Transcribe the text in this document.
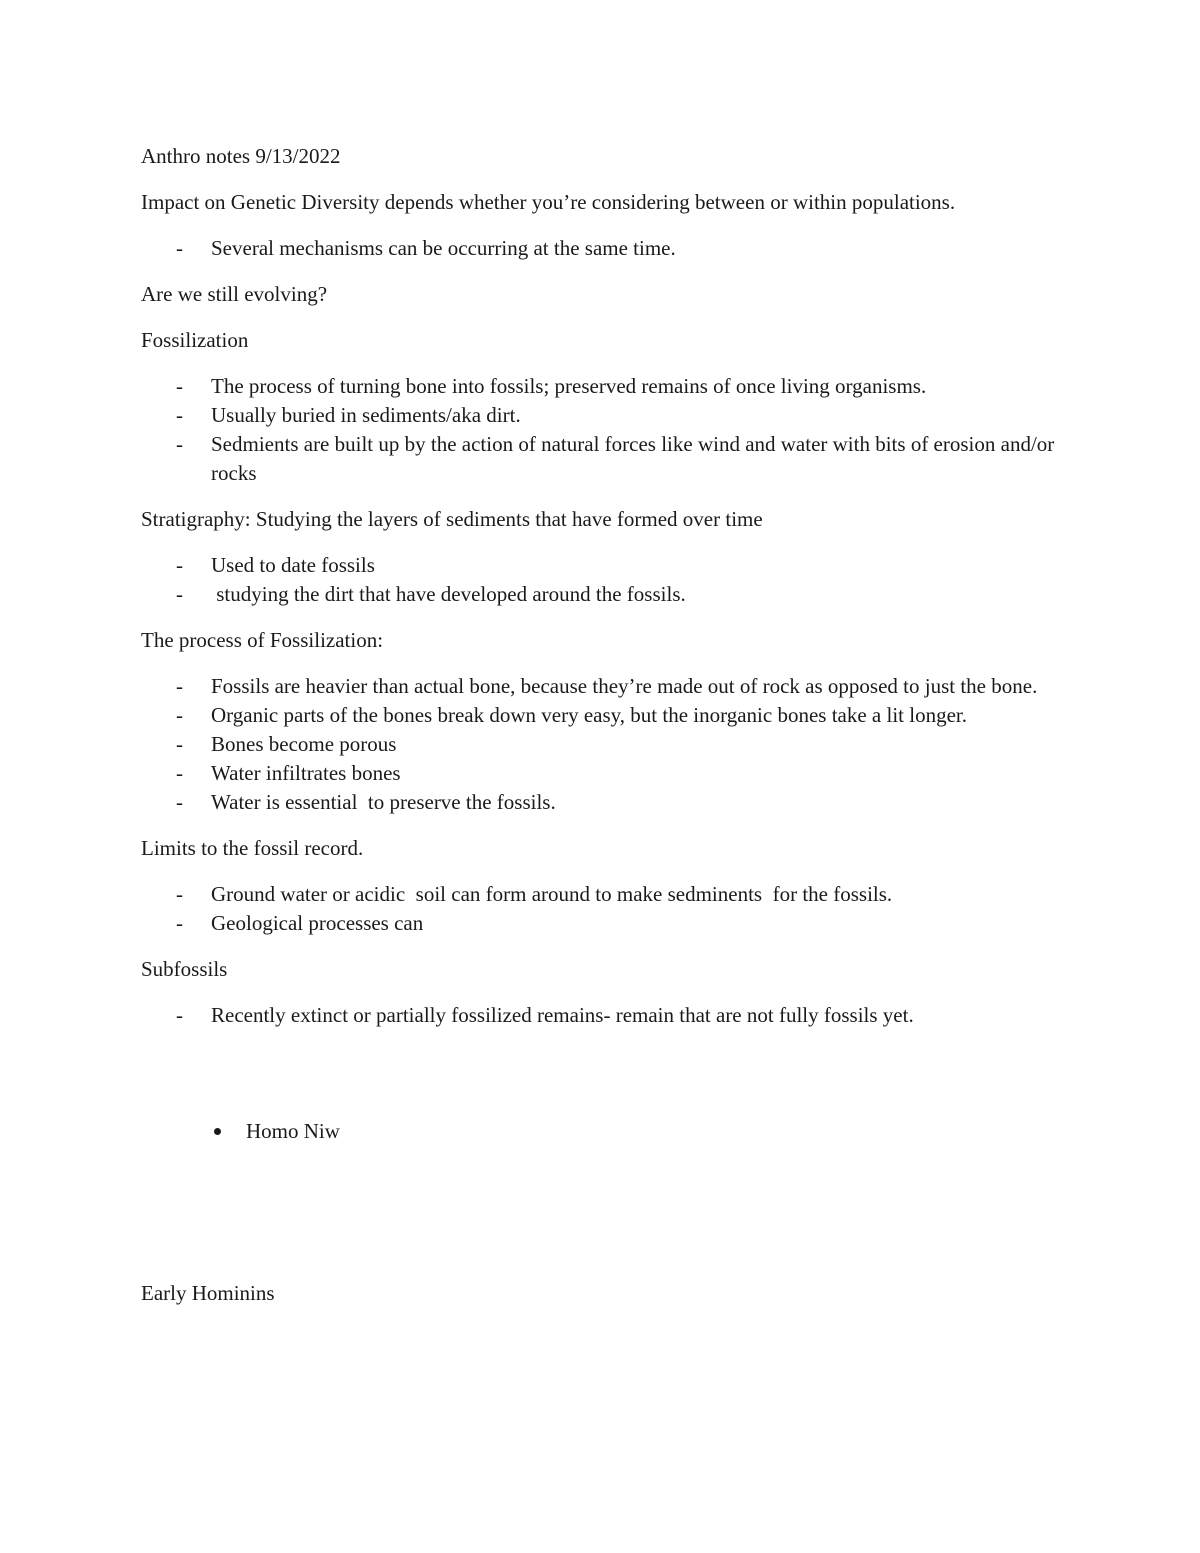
Anthro notes 9/13/2022

Impact on Genetic Diversity depends whether you’re considering between or within populations.

- Several mechanisms can be occurring at the same time.

Are we still evolving?

Fossilization

- The process of turning bone into fossils; preserved remains of once living organisms.
- Usually buried in sediments/aka dirt.
- Sedmients are built up by the action of natural forces like wind and water with bits of erosion and/or rocks

Stratigraphy: Studying the layers of sediments that have formed over time

- Used to date fossils
- studying the dirt that have developed around the fossils.

The process of Fossilization:

- Fossils are heavier than actual bone, because they’re made out of rock as opposed to just the bone.
- Organic parts of the bones break down very easy, but the inorganic bones take a lit longer.
- Bones become porous
- Water infiltrates bones
- Water is essential  to preserve the fossils.

Limits to the fossil record.

- Ground water or acidic  soil can form around to make sedminents  for the fossils.
- Geological processes can

Subfossils

- Recently extinct or partially fossilized remains- remain that are not fully fossils yet.

Homo Niw

Early Hominins
